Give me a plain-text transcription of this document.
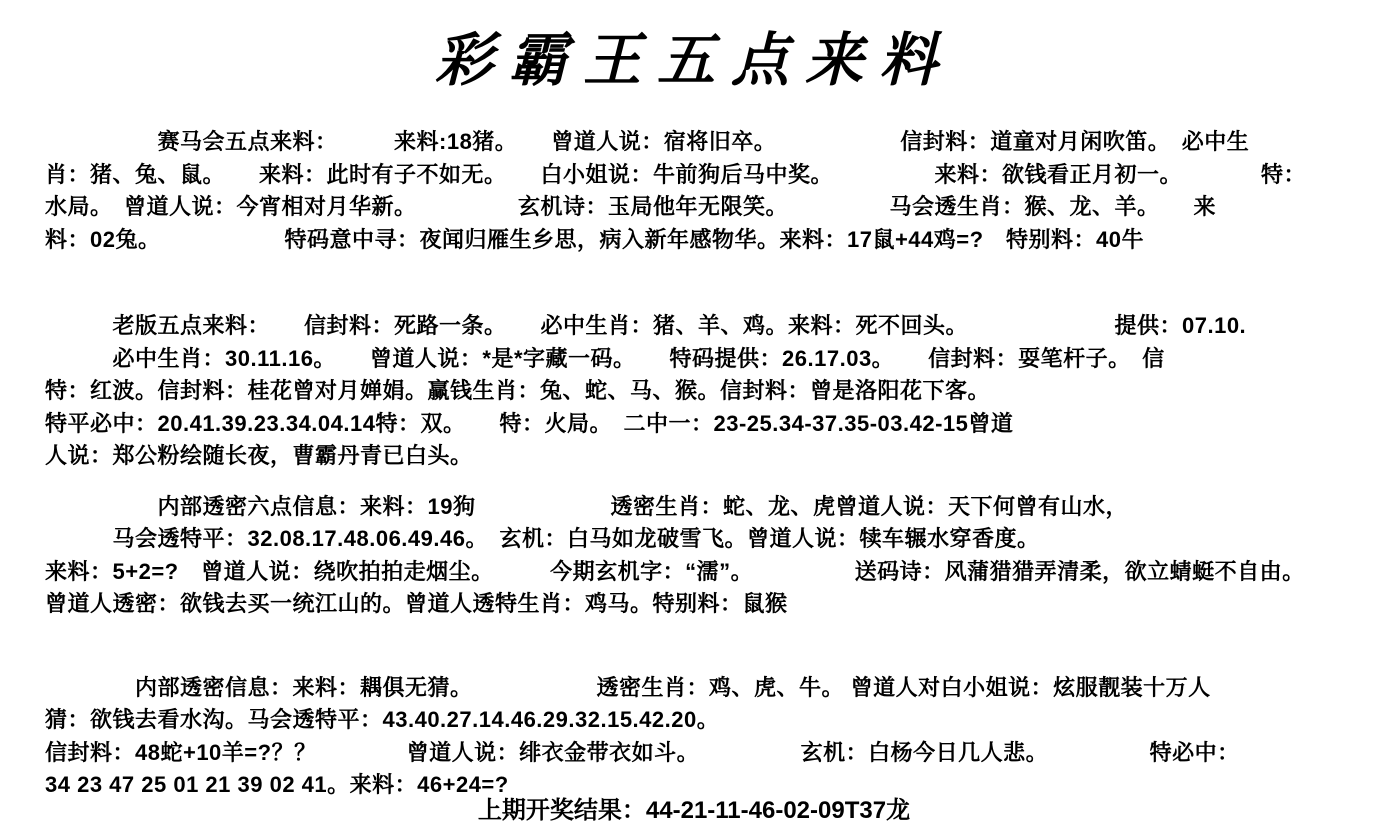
彩霸王五点来料
　　　　　赛马会五点来料：　　　来料:18猪。　　曾道人说：宿将旧卒。　　　　　　信封料：道童对月闲吹笛。　必中生
肖：猪、兔、鼠。　　来料：此时有子不如无。　　白小姐说：牛前狗后马中奖。　　　　　来料：欲钱看正月初一。　　　　特：
水局。　曾道人说：今宵相对月华新。　　　　　玄机诗：玉局他年无限笑。　　　　　马会透生肖：猴、龙、羊。　　来
料：02兔。　　　　　　特码意中寻：夜闻归雁生乡思，病入新年感物华。来料：17鼠+44鸡=?　特别料：40牛
　　　老版五点来料：　　信封料：死路一条。　　必中生肖：猪、羊、鸡。来料：死不回头。　　　　　　　提供：07.10.
　　　必中生肖：30.11.16。　　曾道人说：*是*字藏一码。　　特码提供：26.17.03。　　信封料：耍笔杆子。　信
特：红波。信封料：桂花曾对月婵娟。赢钱生肖：兔、蛇、马、猴。信封料：曾是洛阳花下客。
特平必中：20.41.39.23.34.04.14特：双。　　特：火局。　二中一：23-25.34-37.35-03.42-15曾道
人说：郑公粉绘随长夜，曹霸丹青已白头。
　　　　　内部透密六点信息：来料：19狗　　　　　　透密生肖：蛇、龙、虎曾道人说：天下何曾有山水，
　　　马会透特平：32.08.17.48.06.49.46。　玄机：白马如龙破雪飞。曾道人说：犊车辗水穿香度。
来料：5+2=?　曾道人说：绕吹拍拍走烟尘。　　　今期玄机字：“濡”。　　　　　送码诗：风蒲猎猎弄清柔，欲立蜻蜓不自由。
曾道人透密：欲钱去买一统江山的。曾道人透特生肖：鸡马。特别料：鼠猴
　　　　内部透密信息：来料：耦俱无猜。　　　　　　透密生肖：鸡、虎、牛。 曾道人对白小姐说：炫服靓装十万人
猜：欲钱去看水沟。马会透特平：43.40.27.14.46.29.32.15.42.20。
信封料：48蛇+10羊=?？？　　　　曾道人说：绯衣金带衣如斗。　　　　　玄机：白杨今日几人悲。　　　　　特必中：
34 23 47 25 01 21 39 02 41。来料：46+24=?
上期开奖结果：44-21-11-46-02-09T37龙
